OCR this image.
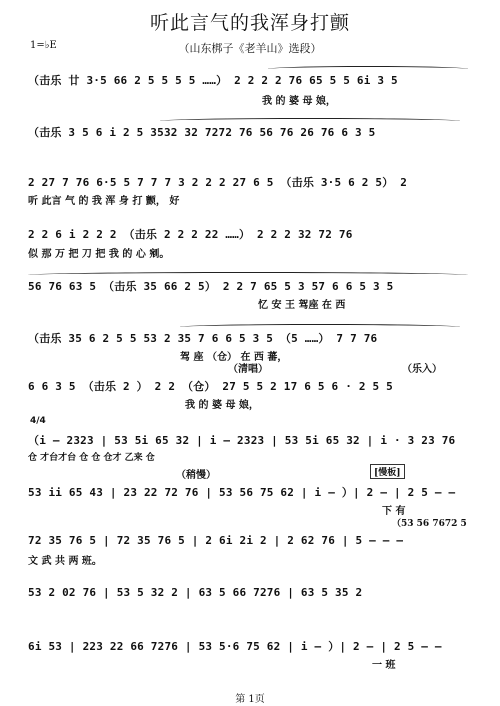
听此言气的我浑身打颤
1=♭E	（山东梆子《老羊山》选段）
（击乐 廿 3·5 66 2 5 5 5 5 ……） 2 2 2 2 76 65 5 5 6i 3 5
我 的 婆 母 娘，
（击乐 3 5 6 i 2 5 3532 32 7272 76 56 76 26 76 6 3 5
2 27 7 76 6·5 5 7 7 7 3 2 2 2 27 6 5 （击乐 3·5 6 2 5） 2
听 此言 气 的 我 浑 身 打 颤， 好
2 2 6 i 2 2 2 （击乐 2 2 2 22 ……） 2 2 2 32 72 76
似 那 万 把 刀 把 我 的 心 剜。
56 76 63 5 （击乐 35 66 2 5） 2 2 7 65 5 3 57 6 6 5 3 5
忆 安 王 驾座 在 西
（击乐 35 6 2 5 5 53 2 35 7 6 6 5 3 5 （5 ……） 7 7 76
驾 座 （仓） 在 西 蕃，
（清唱）	（乐入）
6 6 3 5 （击乐 2 ） 2 2 （仓） 27 5 5 2 17 6 5 6 · 2 5 5
我 的 婆 母 娘，
4/4
（i – 2323 | 53 5i 65 32 | i – 2323 | 53 5i 65 32 | i · 3 23 76
仓 才台才台 仓 仓 仓才 乙来 仓
（稍慢）	[慢板]
53 ii 65 43 | 23 22 72 76 | 53 56 75 62 | i – ）| 2 – | 2 5 – –
下 有
（53 56 7672 5
72 35 76 5 | 72 35 76 5 | 2 6i 2i 2 | 2 62 76 | 5 – – –
文 武 共 两 班。
53 2 02 76 | 53 5 32 2 | 63 5 66 7276 | 63 5 35 2
6i 53 | 223 22 66 7276 | 53 5·6 75 62 | i – ）| 2 – | 2 5 – –
一 班
第 1页
